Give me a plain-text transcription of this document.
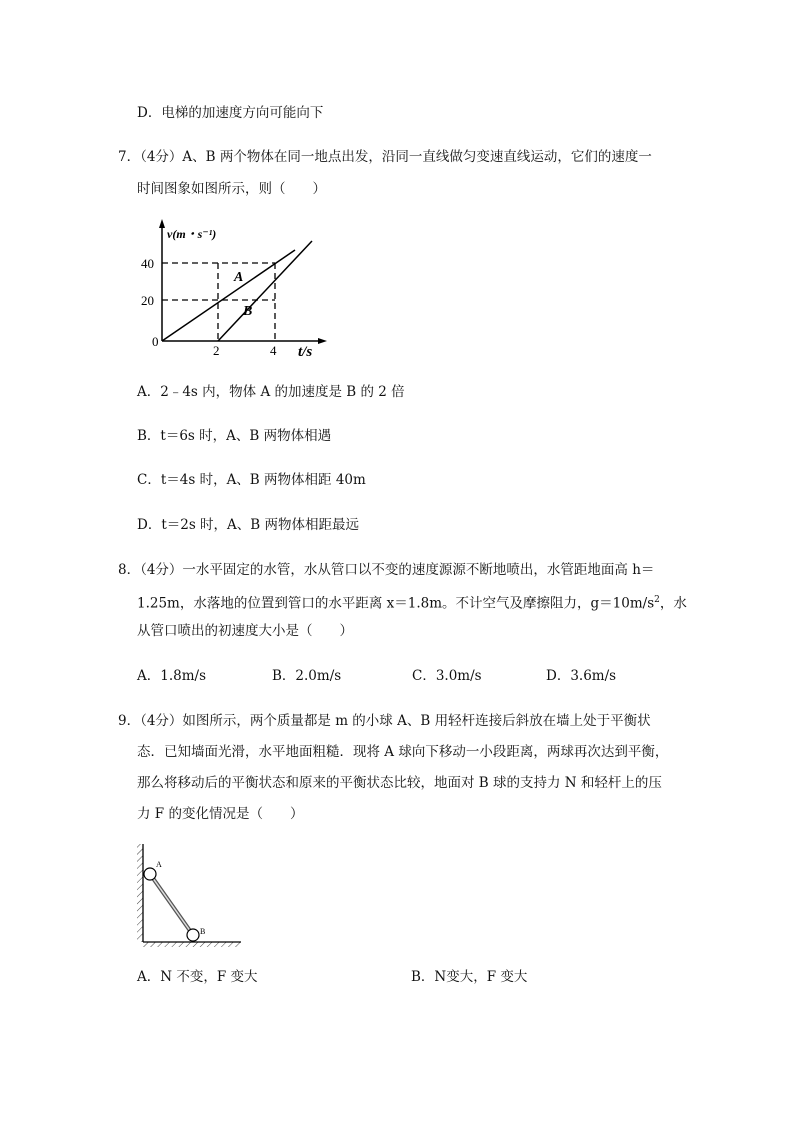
D．电梯的加速度方向可能向下
7．（4分）A、B 两个物体在同一地点出发，沿同一直线做匀变速直线运动，它们的速度一
时间图象如图所示，则（　　）
v(m・s⁻¹)
40
20
0
2	4 t/s
A
B
A．2﹣4s 内，物体 A 的加速度是 B 的 2 倍
B．t＝6s 时，A、B 两物体相遇
C．t＝4s 时，A、B 两物体相距 40m
D．t＝2s 时，A、B 两物体相距最远
8．（4分）一水平固定的水管，水从管口以不变的速度源源不断地喷出，水管距地面高 h＝
1.25m，水落地的位置到管口的水平距离 x＝1.8m。不计空气及摩擦阻力，$g=10m/s^2$，水
从管口喷出的初速度大小是（　　）
A．1.8m/s	B．2.0m/s	C．3.0m/s	D．3.6m/s
9．（4分）如图所示，两个质量都是 m 的小球 A、B 用轻杆连接后斜放在墙上处于平衡状
态．已知墙面光滑，水平地面粗糙．现将 A 球向下移动一小段距离，两球再次达到平衡，
那么将移动后的平衡状态和原来的平衡状态比较，地面对 B 球的支持力 N 和轻杆上的压
力 F 的变化情况是（　　）
A
B
A．N 不变，F 变大	B．N变大，F 变大
